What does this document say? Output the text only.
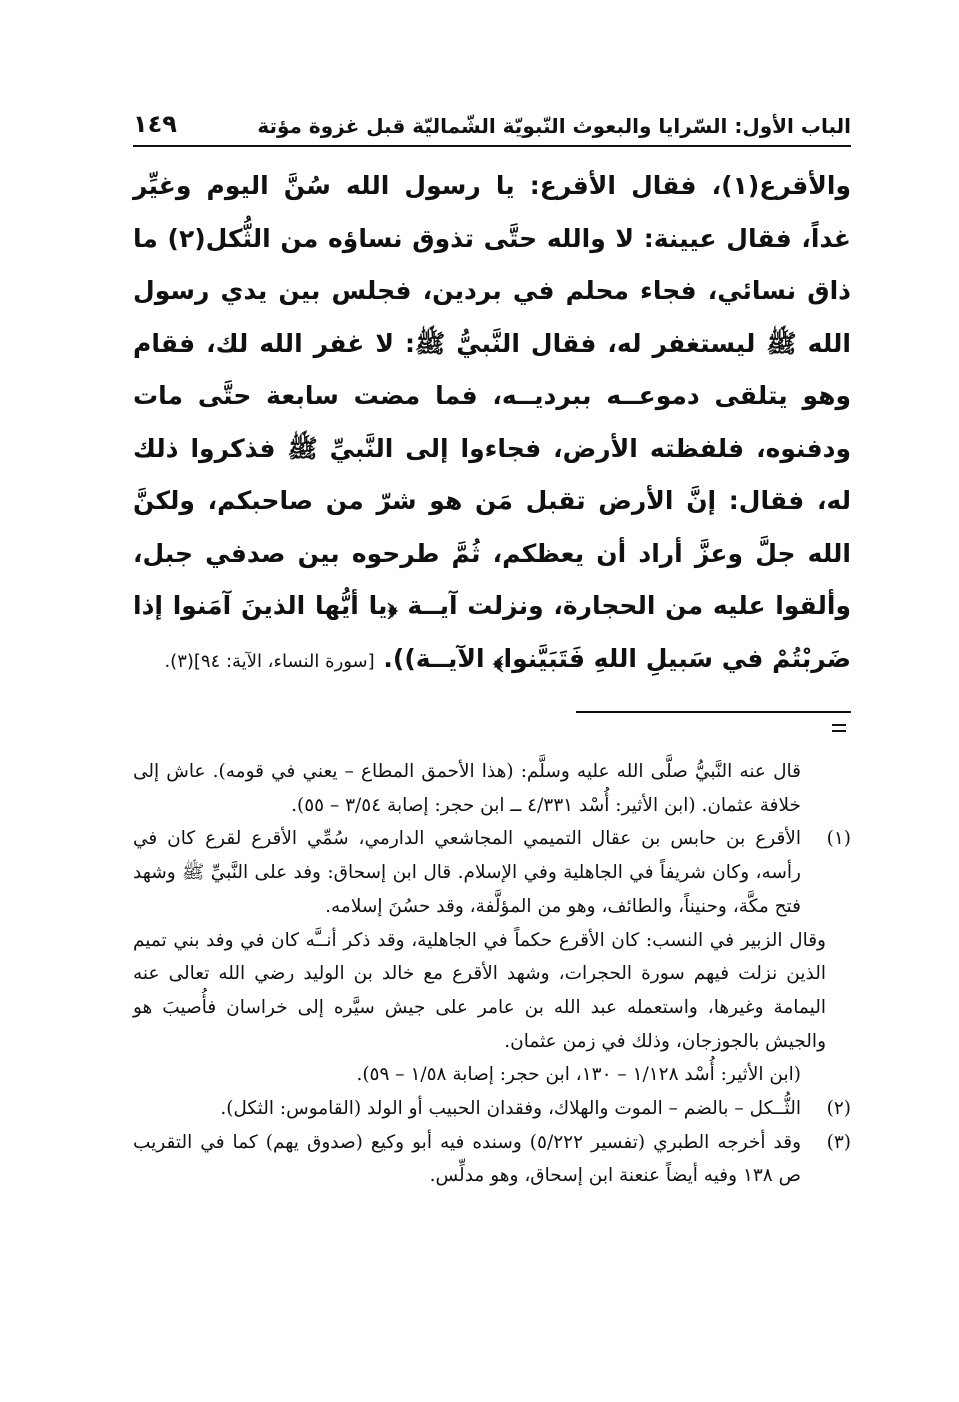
الباب الأول: السّرايا والبعوث النّبويّة الشّماليّة قبل غزوة مؤتة
١٤٩

والأقرع(١)، فقال الأقرع: يا رسول الله سُنَّ اليوم وغيِّر غداً، فقال عيينة: لا والله حتَّى تذوق نساؤه من الثُّكل(٢) ما ذاق نسائي، فجاء محلم في بردين، فجلس بين يدي رسول الله ﷺ ليستغفر له، فقال النَّبيُّ ﷺ: لا غفر الله لك، فقام وهو يتلقى دموعــه ببرديــه، فما مضت سابعة حتَّى مات ودفنوه، فلفظته الأرض، فجاءوا إلى النَّبيِّ ﷺ فذكروا ذلك له، فقال: إنَّ الأرض تقبل مَن هو شرّ من صاحبكم، ولكنَّ الله جلَّ وعزَّ أراد أن يعظكم، ثُمَّ طرحوه بين صدفي جبل، وألقوا عليه من الحجارة، ونزلت آيــة ﴿يا أيُّها الذينَ آمَنوا إذا ضَربْتُمْ في سَبيلِ اللهِ فَتَبَيَّنوا﴾ الآيــة)). [سورة النساء، الآية: ٩٤](٣).

قال عنه النَّبيُّ صلَّى الله عليه وسلَّم: (هذا الأحمق المطاع – يعني في قومه). عاش إلى خلافة عثمان. (ابن الأثير: أُسْد ٤/٣٣١ ــ ابن حجر: إصابة ٣/٥٤ – ٥٥).

(١)
الأقرع بن حابس بن عقال التميمي المجاشعي الدارمي، سُمِّي الأقرع لقرع كان في رأسه، وكان شريفاً في الجاهلية وفي الإسلام. قال ابن إسحاق: وفد على النَّبيِّ ﷺ وشهد فتح مكَّة، وحنيناً، والطائف، وهو من المؤلَّفة، وقد حسُنَ إسلامه.

وقال الزبير في النسب: كان الأقرع حكماً في الجاهلية، وقد ذكر أنــَّه كان في وفد بني تميم الذين نزلت فيهم سورة الحجرات، وشهد الأقرع مع خالد بن الوليد رضي الله تعالى عنه اليمامة وغيرها، واستعمله عبد الله بن عامر على جيش سيَّره إلى خراسان فأُصيبَ هو والجيش بالجوزجان، وذلك في زمن عثمان.

(ابن الأثير: أُسْد ١/١٢٨ – ١٣٠، ابن حجر: إصابة ١/٥٨ – ٥٩).

(٢)
الثُّــكل – بالضم – الموت والهلاك، وفقدان الحبيب أو الولد (القاموس: الثكل).
(٣)
وقد أخرجه الطبري (تفسير ٥/٢٢٢) وسنده فيه أبو وكيع (صدوق يهم) كما في التقريب ص ١٣٨ وفيه أيضاً عنعنة ابن إسحاق، وهو مدلِّس.
